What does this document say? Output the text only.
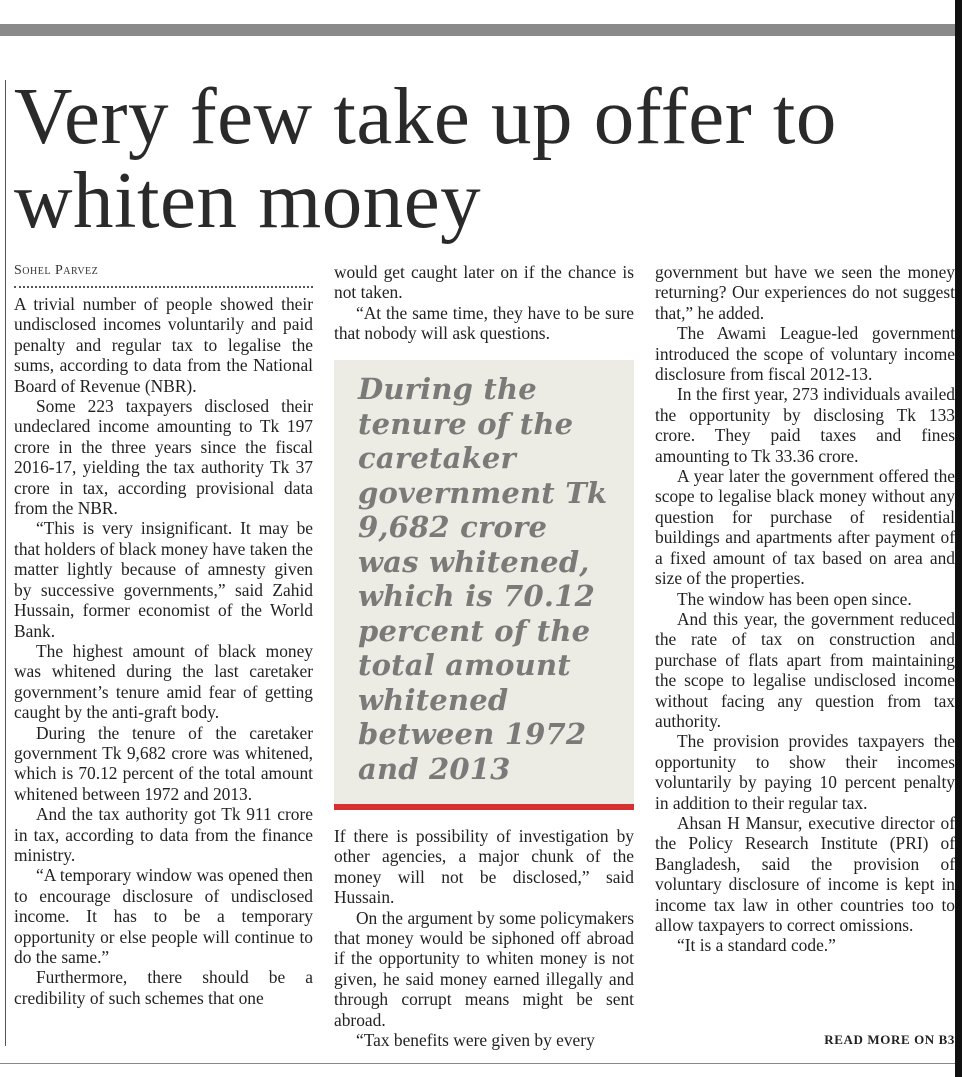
Very few take up offer to whiten money
Sohel Parvez

A trivial number of people showed their undisclosed incomes voluntarily and paid penalty and regular tax to legalise the sums, according to data from the National Board of Revenue (NBR).

Some 223 taxpayers disclosed their undeclared income amounting to Tk 197 crore in the three years since the fiscal 2016-17, yielding the tax authority Tk 37 crore in tax, according provisional data from the NBR.

“This is very insignificant. It may be that holders of black money have taken the matter lightly because of amnesty given by successive governments,” said Zahid Hussain, former economist of the World Bank.

The highest amount of black money was whitened during the last caretaker government’s tenure amid fear of getting caught by the anti-graft body.

During the tenure of the caretaker government Tk 9,682 crore was whitened, which is 70.12 percent of the total amount whitened between 1972 and 2013.

And the tax authority got Tk 911 crore in tax, according to data from the finance ministry.

“A temporary window was opened then to encourage disclosure of undisclosed income. It has to be a temporary opportunity or else people will continue to do the same.”

Furthermore, there should be a credibility of such schemes that one

would get caught later on if the chance is not taken.

“At the same time, they have to be sure that nobody will ask questions.

During the tenure of the caretaker government Tk 9,682 crore was whitened, which is 70.12 percent of the total amount whitened between 1972 and 2013

If there is possibility of investigation by other agencies, a major chunk of the money will not be disclosed,” said Hussain.

On the argument by some policymakers that money would be siphoned off abroad if the opportunity to whiten money is not given, he said money earned illegally and through corrupt means might be sent abroad.

“Tax benefits were given by every

government but have we seen the money returning? Our experiences do not suggest that,” he added.

The Awami League-led government introduced the scope of voluntary income disclosure from fiscal 2012-13.

In the first year, 273 individuals availed the opportunity by disclosing Tk 133 crore. They paid taxes and fines amounting to Tk 33.36 crore.

A year later the government offered the scope to legalise black money without any question for purchase of residential buildings and apartments after payment of a fixed amount of tax based on area and size of the properties.

The window has been open since.

And this year, the government reduced the rate of tax on construction and purchase of flats apart from maintaining the scope to legalise undisclosed income without facing any question from tax authority.

The provision provides taxpayers the opportunity to show their incomes voluntarily by paying 10 percent penalty in addition to their regular tax.

Ahsan H Mansur, executive director of the Policy Research Institute (PRI) of Bangladesh, said the provision of voluntary disclosure of income is kept in income tax law in other countries too to allow taxpayers to correct omissions.

“It is a standard code.”

READ MORE ON B3
